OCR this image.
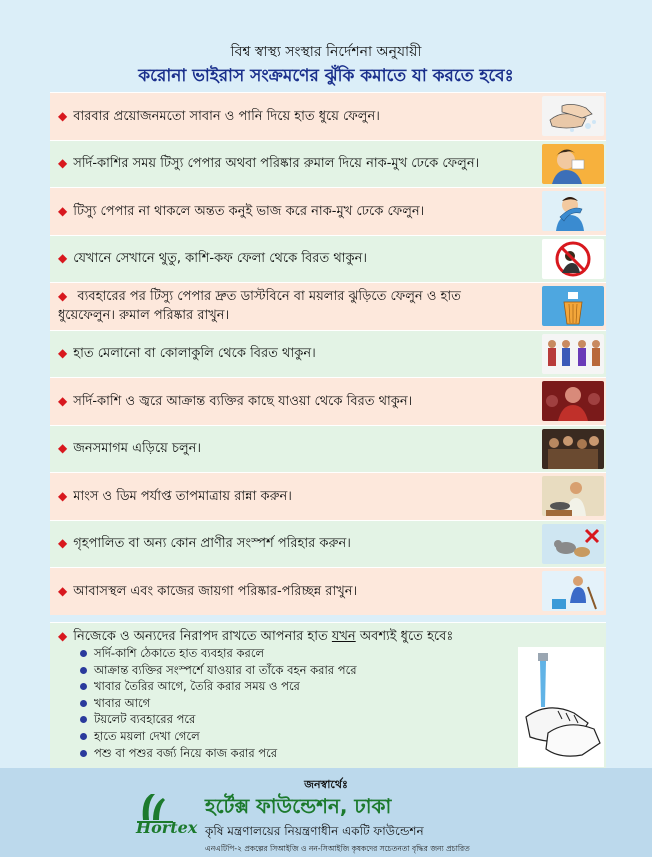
বিশ্ব স্বাস্থ্য সংস্থার নির্দেশনা অনুযায়ী
করোনা ভাইরাস সংক্রমণের ঝুঁকি কমাতে যা করতে হবেঃ
◆ বারবার প্রয়োজনমতো সাবান ও পানি দিয়ে হাত ধুয়ে ফেলুন।
◆ সর্দি-কাশির সময় টিস্যু পেপার অথবা পরিষ্কার রুমাল দিয়ে নাক-মুখ ঢেকে ফেলুন।
◆ টিস্যু পেপার না থাকলে অন্তত কনুই ভাজ করে নাক-মুখ ঢেকে ফেলুন।
◆ যেখানে সেখানে থুতু, কাশি-কফ ফেলা থেকে বিরত থাকুন।
◆ ব্যবহারের পর টিস্যু পেপার দ্রুত ডাস্টবিনে বা ময়লার ঝুড়িতে ফেলুন ও হাত
ধুয়েফেলুন। রুমাল পরিষ্কার রাখুন।
◆ হাত মেলানো বা কোলাকুলি থেকে বিরত থাকুন।
◆ সর্দি-কাশি ও জ্বরে আক্রান্ত ব্যক্তির কাছে যাওয়া থেকে বিরত থাকুন।
◆ জনসমাগম এড়িয়ে চলুন।
◆ মাংস ও ডিম পর্যাপ্ত তাপমাত্রায় রান্না করুন।
◆ গৃহপালিত বা অন্য কোন প্রাণীর সংস্পর্শ পরিহার করুন।
◆ আবাসস্থল এবং কাজের জায়গা পরিষ্কার-পরিচ্ছন্ন রাখুন।
◆ নিজেকে ও অন্যদের নিরাপদ রাখতে আপনার হাত যখন অবশ্যই ধুতে হবেঃ
সর্দি-কাশি ঠেকাতে হাত ব্যবহার করলে
আক্রান্ত ব্যক্তির সংস্পর্শে যাওয়ার বা তাঁকে বহন করার পরে
খাবার তৈরির আগে, তৈরি করার সময় ও পরে
খাবার আগে
টয়লেট ব্যবহারের পরে
হাতে ময়লা দেখা গেলে
পশু বা পশুর বর্জ্য নিয়ে কাজ করার পরে
জনস্বার্থেঃ
Hortex
হর্টেক্স ফাউন্ডেশন, ঢাকা
কৃষি মন্ত্রণালয়ের নিয়ন্ত্রণাধীন একটি ফাউন্ডেশন
এনএটিপি-২ প্রকল্পের সিআইজি ও নন-সিআইজি কৃষকদের সচেতনতা বৃদ্ধির জন্য প্রচারিত
